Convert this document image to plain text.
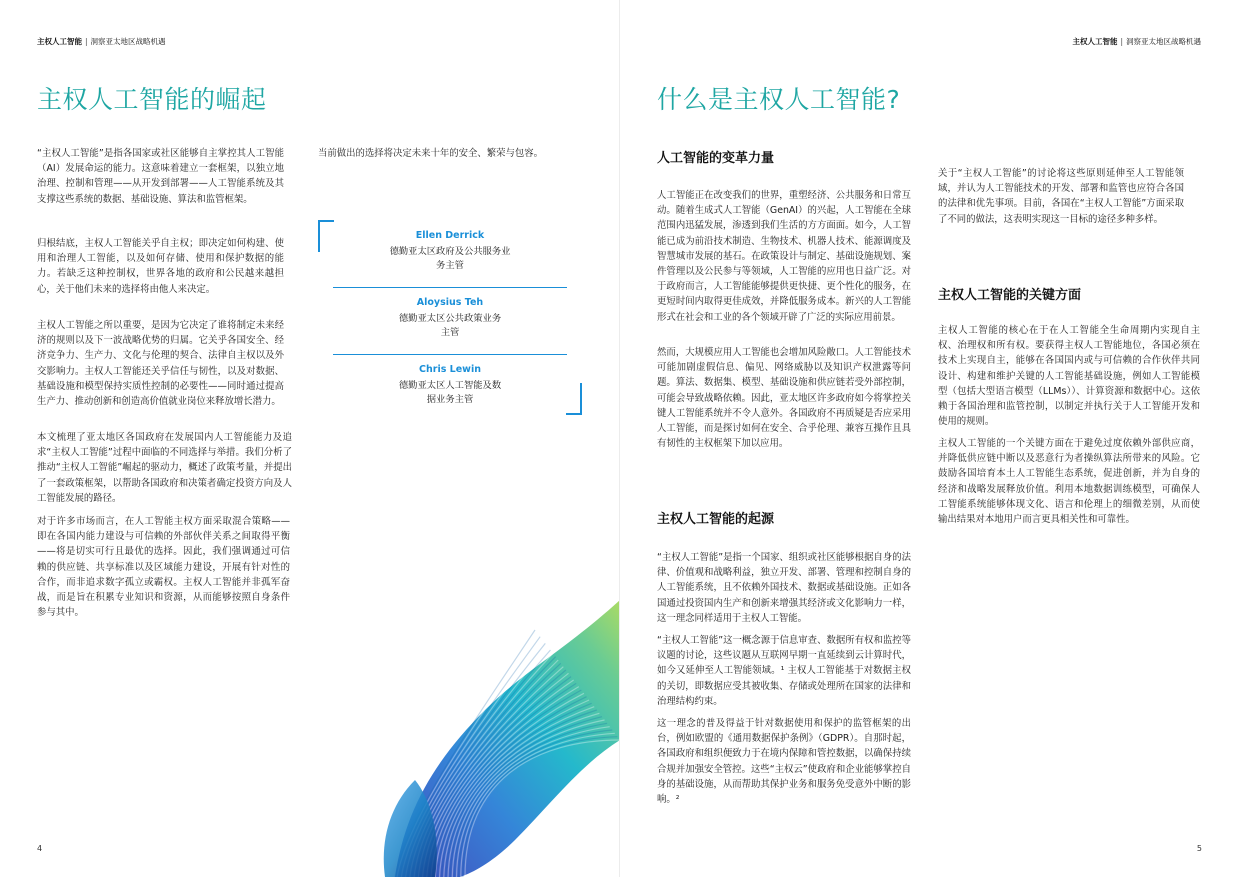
主权人工智能 | 洞察亚太地区战略机遇
主权人工智能的崛起

“主权人工智能”是指各国家或社区能够自主掌控其人工智能（AI）发展命运的能力。这意味着建立一套框架，以独立地治理、控制和管理——从开发到部署——人工智能系统及其支撑这些系统的数据、基础设施、算法和监管框架。

归根结底，主权人工智能关乎自主权；即决定如何构建、使用和治理人工智能，以及如何存储、使用和保护数据的能力。若缺乏这种控制权，世界各地的政府和公民越来越担心，关于他们未来的选择将由他人来决定。

主权人工智能之所以重要，是因为它决定了谁将制定未来经济的规则以及下一波战略优势的归属。它关乎各国安全、经济竞争力、生产力、文化与伦理的契合、法律自主权以及外交影响力。主权人工智能还关乎信任与韧性，以及对数据、基础设施和模型保持实质性控制的必要性——同时通过提高生产力、推动创新和创造高价值就业岗位来释放增长潜力。

本文梳理了亚太地区各国政府在发展国内人工智能能力及追求“主权人工智能”过程中面临的不同选择与举措。我们分析了推动“主权人工智能”崛起的驱动力，概述了政策考量，并提出了一套政策框架，以帮助各国政府和决策者确定投资方向及人工智能发展的路径。

对于许多市场而言，在人工智能主权方面采取混合策略——即在各国内能力建设与可信赖的外部伙伴关系之间取得平衡——将是切实可行且最优的选择。因此，我们强调通过可信赖的供应链、共享标准以及区域能力建设，开展有针对性的合作，而非追求数字孤立或霸权。主权人工智能并非孤军奋战，而是旨在积累专业知识和资源，从而能够按照自身条件参与其中。

当前做出的选择将决定未来十年的安全、繁荣与包容。

Ellen Derrick
德勤亚太区政府及公共服务业务主管
Aloysius Teh
德勤亚太区公共政策业务主管
Chris Lewin
德勤亚太区人工智能及数据业务主管
4
主权人工智能 | 洞察亚太地区战略机遇
什么是主权人工智能?
人工智能的变革力量

人工智能正在改变我们的世界，重塑经济、公共服务和日常互动。随着生成式人工智能（GenAI）的兴起，人工智能在全球范围内迅猛发展，渗透到我们生活的方方面面。如今，人工智能已成为前沿技术制造、生物技术、机器人技术、能源调度及智慧城市发展的基石。在政策设计与制定、基础设施规划、案件管理以及公民参与等领域，人工智能的应用也日益广泛。对于政府而言，人工智能能够提供更快捷、更个性化的服务，在更短时间内取得更佳成效，并降低服务成本。新兴的人工智能形式在社会和工业的各个领域开辟了广泛的实际应用前景。

然而，大规模应用人工智能也会增加风险敞口。人工智能技术可能加剧虚假信息、偏见、网络威胁以及知识产权泄露等问题。算法、数据集、模型、基础设施和供应链若受外部控制，可能会导致战略依赖。因此，亚太地区许多政府如今将掌控关键人工智能系统并不令人意外。各国政府不再质疑是否应采用人工智能，而是探讨如何在安全、合乎伦理、兼容互操作且具有韧性的主权框架下加以应用。

主权人工智能的起源

“主权人工智能”是指一个国家、组织或社区能够根据自身的法律、价值观和战略利益，独立开发、部署、管理和控制自身的人工智能系统，且不依赖外国技术、数据或基础设施。正如各国通过投资国内生产和创新来增强其经济或文化影响力一样，这一理念同样适用于主权人工智能。

“主权人工智能”这一概念源于信息审查、数据所有权和监控等议题的讨论，这些议题从互联网早期一直延续到云计算时代，如今又延伸至人工智能领域。¹ 主权人工智能基于对数据主权的关切，即数据应受其被收集、存储或处理所在国家的法律和治理结构约束。

这一理念的普及得益于针对数据使用和保护的监管框架的出台，例如欧盟的《通用数据保护条例》（GDPR）。自那时起，各国政府和组织便致力于在境内保障和管控数据，以确保持续合规并加强安全管控。这些“主权云”使政府和企业能够掌控自身的基础设施，从而帮助其保护业务和服务免受意外中断的影响。²

关于“主权人工智能”的讨论将这些原则延伸至人工智能领域，并认为人工智能技术的开发、部署和监管也应符合各国的法律和优先事项。目前，各国在“主权人工智能”方面采取了不同的做法，这表明实现这一目标的途径多种多样。

主权人工智能的关键方面

主权人工智能的核心在于在人工智能全生命周期内实现自主权、治理权和所有权。要获得主权人工智能地位，各国必须在技术上实现自主，能够在各国国内或与可信赖的合作伙伴共同设计、构建和维护关键的人工智能基础设施，例如人工智能模型（包括大型语言模型（LLMs））、计算资源和数据中心。这依赖于各国治理和监管控制，以制定并执行关于人工智能开发和使用的规则。

主权人工智能的一个关键方面在于避免过度依赖外部供应商，并降低供应链中断以及恶意行为者操纵算法所带来的风险。它鼓励各国培育本土人工智能生态系统，促进创新，并为自身的经济和战略发展释放价值。利用本地数据训练模型，可确保人工智能系统能够体现文化、语言和伦理上的细微差别，从而使输出结果对本地用户而言更具相关性和可靠性。

5
